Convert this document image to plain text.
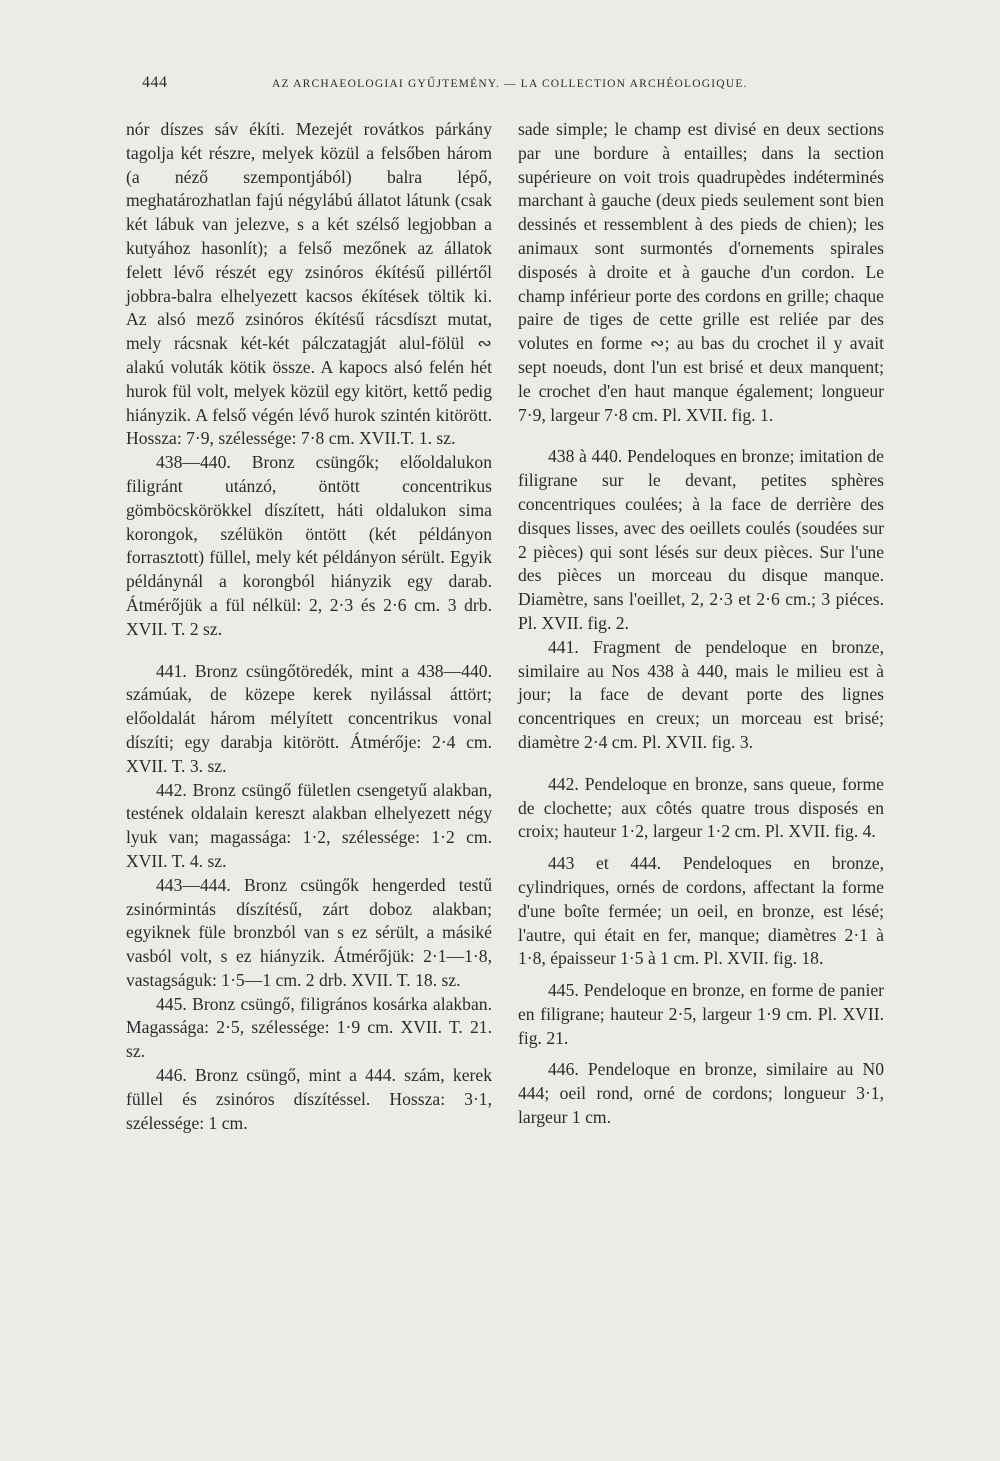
444	AZ ARCHAEOLOGIAI GYŰJTEMÉNY. — LA COLLECTION ARCHÉOLOGIQUE.

nór díszes sáv ékíti. Mezejét rovátkos párkány tagolja két részre, melyek közül a felsőben három (a néző szempontjából) balra lépő, meghatározhatlan fajú négylábú állatot látunk (csak két lábuk van jelezve, s a két szélső legjobban a kutyához hasonlít); a felső mezőnek az állatok felett lévő részét egy zsinóros ékítésű pillértől jobbra-balra elhelyezett kacsos ékítések töltik ki. Az alsó mező zsinóros ékítésű rácsdíszt mutat, mely rácsnak két-két pálczatagját alul-fölül ∾ alakú voluták kötik össze. A kapocs alsó felén hét hurok fül volt, melyek közül egy kitört, kettő pedig hiányzik. A felső végén lévő hurok szintén kitörött. Hossza: 7·9, szélessége: 7·8 cm. XVII.T. 1. sz.

438—440. Bronz csüngők; előoldalukon filigránt utánzó, öntött concentrikus gömböcskörökkel díszített, háti oldalukon sima korongok, szélükön öntött (két példányon forrasztott) füllel, mely két példányon sérült. Egyik példánynál a korongból hiányzik egy darab. Átmérőjük a fül nélkül: 2, 2·3 és 2·6 cm. 3 drb. XVII. T. 2 sz.

441. Bronz csüngőtöredék, mint a 438—440. számúak, de közepe kerek nyilással áttört; előoldalát három mélyített concentrikus vonal díszíti; egy darabja kitörött. Átmérője: 2·4 cm. XVII. T. 3. sz.

442. Bronz csüngő fületlen csengetyű alakban, testének oldalain kereszt alakban elhelyezett négy lyuk van; magassága: 1·2, szélessége: 1·2 cm. XVII. T. 4. sz.

443—444. Bronz csüngők hengerded testű zsinórmintás díszítésű, zárt doboz alakban; egyiknek füle bronzból van s ez sérült, a másiké vasból volt, s ez hiányzik. Átmérőjük: 2·1—1·8, vastagságuk: 1·5—1 cm. 2 drb. XVII. T. 18. sz.

445. Bronz csüngő, filigrános kosárka alakban. Magassága: 2·5, szélessége: 1·9 cm. XVII. T. 21. sz.

446. Bronz csüngő, mint a 444. szám, kerek füllel és zsinóros díszítéssel. Hossza: 3·1, szélessége: 1 cm.

sade simple; le champ est divisé en deux sections par une bordure à entailles; dans la section supérieure on voit trois quadrupèdes indéterminés marchant à gauche (deux pieds seulement sont bien dessinés et ressemblent à des pieds de chien); les animaux sont surmontés d'ornements spirales disposés à droite et à gauche d'un cordon. Le champ inférieur porte des cordons en grille; chaque paire de tiges de cette grille est reliée par des volutes en forme ∾; au bas du crochet il y avait sept noeuds, dont l'un est brisé et deux manquent; le crochet d'en haut manque également; longueur 7·9, largeur 7·8 cm. Pl. XVII. fig. 1.

438 à 440. Pendeloques en bronze; imitation de filigrane sur le devant, petites sphères concentriques coulées; à la face de derrière des disques lisses, avec des oeillets coulés (soudées sur 2 pièces) qui sont lésés sur deux pièces. Sur l'une des pièces un morceau du disque manque. Diamètre, sans l'oeillet, 2, 2·3 et 2·6 cm.; 3 piéces. Pl. XVII. fig. 2.

441. Fragment de pendeloque en bronze, similaire au Nos 438 à 440, mais le milieu est à jour; la face de devant porte des lignes concentriques en creux; un morceau est brisé; diamètre 2·4 cm. Pl. XVII. fig. 3.

442. Pendeloque en bronze, sans queue, forme de clochette; aux côtés quatre trous disposés en croix; hauteur 1·2, largeur 1·2 cm. Pl. XVII. fig. 4.

443 et 444. Pendeloques en bronze, cylindriques, ornés de cordons, affectant la forme d'une boîte fermée; un oeil, en bronze, est lésé; l'autre, qui était en fer, manque; diamètres 2·1 à 1·8, épaisseur 1·5 à 1 cm. Pl. XVII. fig. 18.

445. Pendeloque en bronze, en forme de panier en filigrane; hauteur 2·5, largeur 1·9 cm. Pl. XVII. fig. 21.

446. Pendeloque en bronze, similaire au N0 444; oeil rond, orné de cordons; longueur 3·1, largeur 1 cm.
